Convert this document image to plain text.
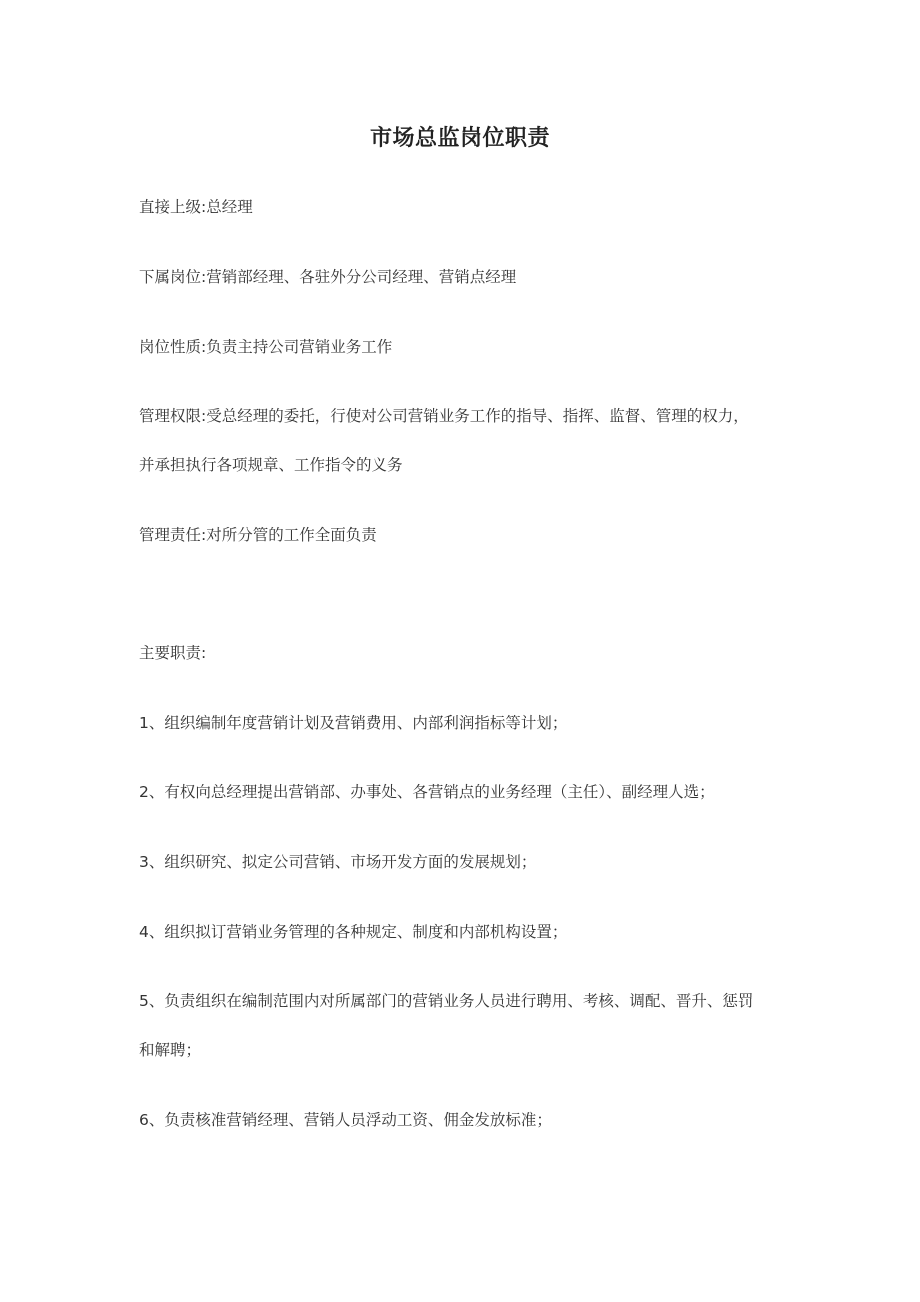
市场总监岗位职责
直接上级:总经理
下属岗位:营销部经理、各驻外分公司经理、营销点经理
岗位性质:负责主持公司营销业务工作
管理权限:受总经理的委托，行使对公司营销业务工作的指导、指挥、监督、管理的权力，
并承担执行各项规章、工作指令的义务
管理责任:对所分管的工作全面负责
主要职责:
1、组织编制年度营销计划及营销费用、内部利润指标等计划；
2、有权向总经理提出营销部、办事处、各营销点的业务经理（主任）、副经理人选；
3、组织研究、拟定公司营销、市场开发方面的发展规划；
4、组织拟订营销业务管理的各种规定、制度和内部机构设置；
5、负责组织在编制范围内对所属部门的营销业务人员进行聘用、考核、调配、晋升、惩罚
和解聘；
6、负责核准营销经理、营销人员浮动工资、佣金发放标准；
